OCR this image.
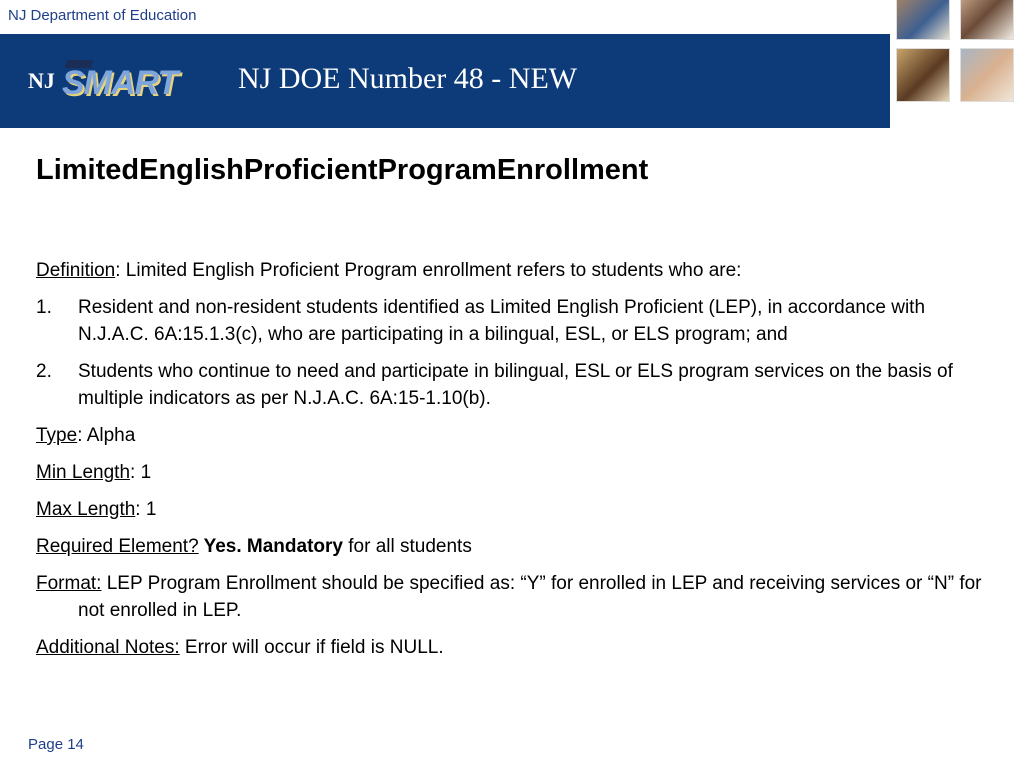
NJ Department of Education
NJ SMART NJ DOE Number 48 - NEW
LimitedEnglishProficientProgramEnrollment

Definition: Limited English Proficient Program enrollment refers to students who are:

1. Resident and non-resident students identified as Limited English Proficient (LEP), in accordance with N.J.A.C. 6A:15.1.3(c), who are participating in a bilingual, ESL, or ELS program; and
2. Students who continue to need and participate in bilingual, ESL or ELS program services on the basis of multiple indicators as per N.J.A.C. 6A:15-1.10(b).

Type: Alpha

Min Length: 1

Max Length: 1

Required Element? Yes. Mandatory for all students

Format: LEP Program Enrollment should be specified as: “Y” for enrolled in LEP and receiving services or “N” for not enrolled in LEP.

Additional Notes: Error will occur if field is NULL.

Page 14
